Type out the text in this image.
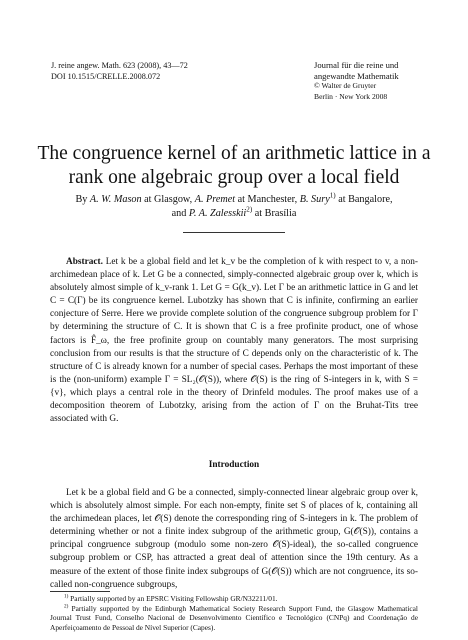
J. reine angew. Math. 623 (2008), 43—72
DOI 10.1515/CRELLE.2008.072
Journal für die reine und
angewandte Mathematik
© Walter de Gruyter
Berlin · New York 2008
The congruence kernel of an arithmetic lattice in a rank one algebraic group over a local field
By A. W. Mason at Glasgow, A. Premet at Manchester, B. Sury$^{1)}$ at Bangalore,
and P. A. Zalesskii$^{2)}$ at Brasília
Abstract. Let k be a global field and let k_v be the completion of k with respect to v, a non-archimedean place of k. Let G be a connected, simply-connected algebraic group over k, which is absolutely almost simple of k_v-rank 1. Let G = G(k_v). Let Γ be an arithmetic lattice in G and let C = C(Γ) be its congruence kernel. Lubotzky has shown that C is infinite, confirming an earlier conjecture of Serre. Here we provide complete solution of the congruence subgroup problem for Γ by determining the structure of C. It is shown that C is a free profinite product, one of whose factors is F̂_ω, the free profinite group on countably many generators. The most surprising conclusion from our results is that the structure of C depends only on the characteristic of k. The structure of C is already known for a number of special cases. Perhaps the most important of these is the (non-uniform) example Γ = SL₂(𝒪(S)), where 𝒪(S) is the ring of S-integers in k, with S = {v}, which plays a central role in the theory of Drinfeld modules. The proof makes use of a decomposition theorem of Lubotzky, arising from the action of Γ on the Bruhat-Tits tree associated with G.
Introduction
Let k be a global field and G be a connected, simply-connected linear algebraic group over k, which is absolutely almost simple. For each non-empty, finite set S of places of k, containing all the archimedean places, let 𝒪(S) denote the corresponding ring of S-integers in k. The problem of determining whether or not a finite index subgroup of the arithmetic group, G(𝒪(S)), contains a principal congruence subgroup (modulo some non-zero 𝒪(S)-ideal), the so-called congruence subgroup problem or CSP, has attracted a great deal of attention since the 19th century. As a measure of the extent of those finite index subgroups of G(𝒪(S)) which are not congruence, its so-called non-congruence subgroups,

$^{1)}$ Partially supported by an EPSRC Visiting Fellowship GR/N32211/01.

$^{2)}$ Partially supported by the Edinburgh Mathematical Society Research Support Fund, the Glasgow Mathematical Journal Trust Fund, Conselho Nacional de Desenvolvimento Científico e Tecnológico (CNPq) and Coordenação de Aperfeiçoamento de Pessoal de Nível Superior (Capes).
